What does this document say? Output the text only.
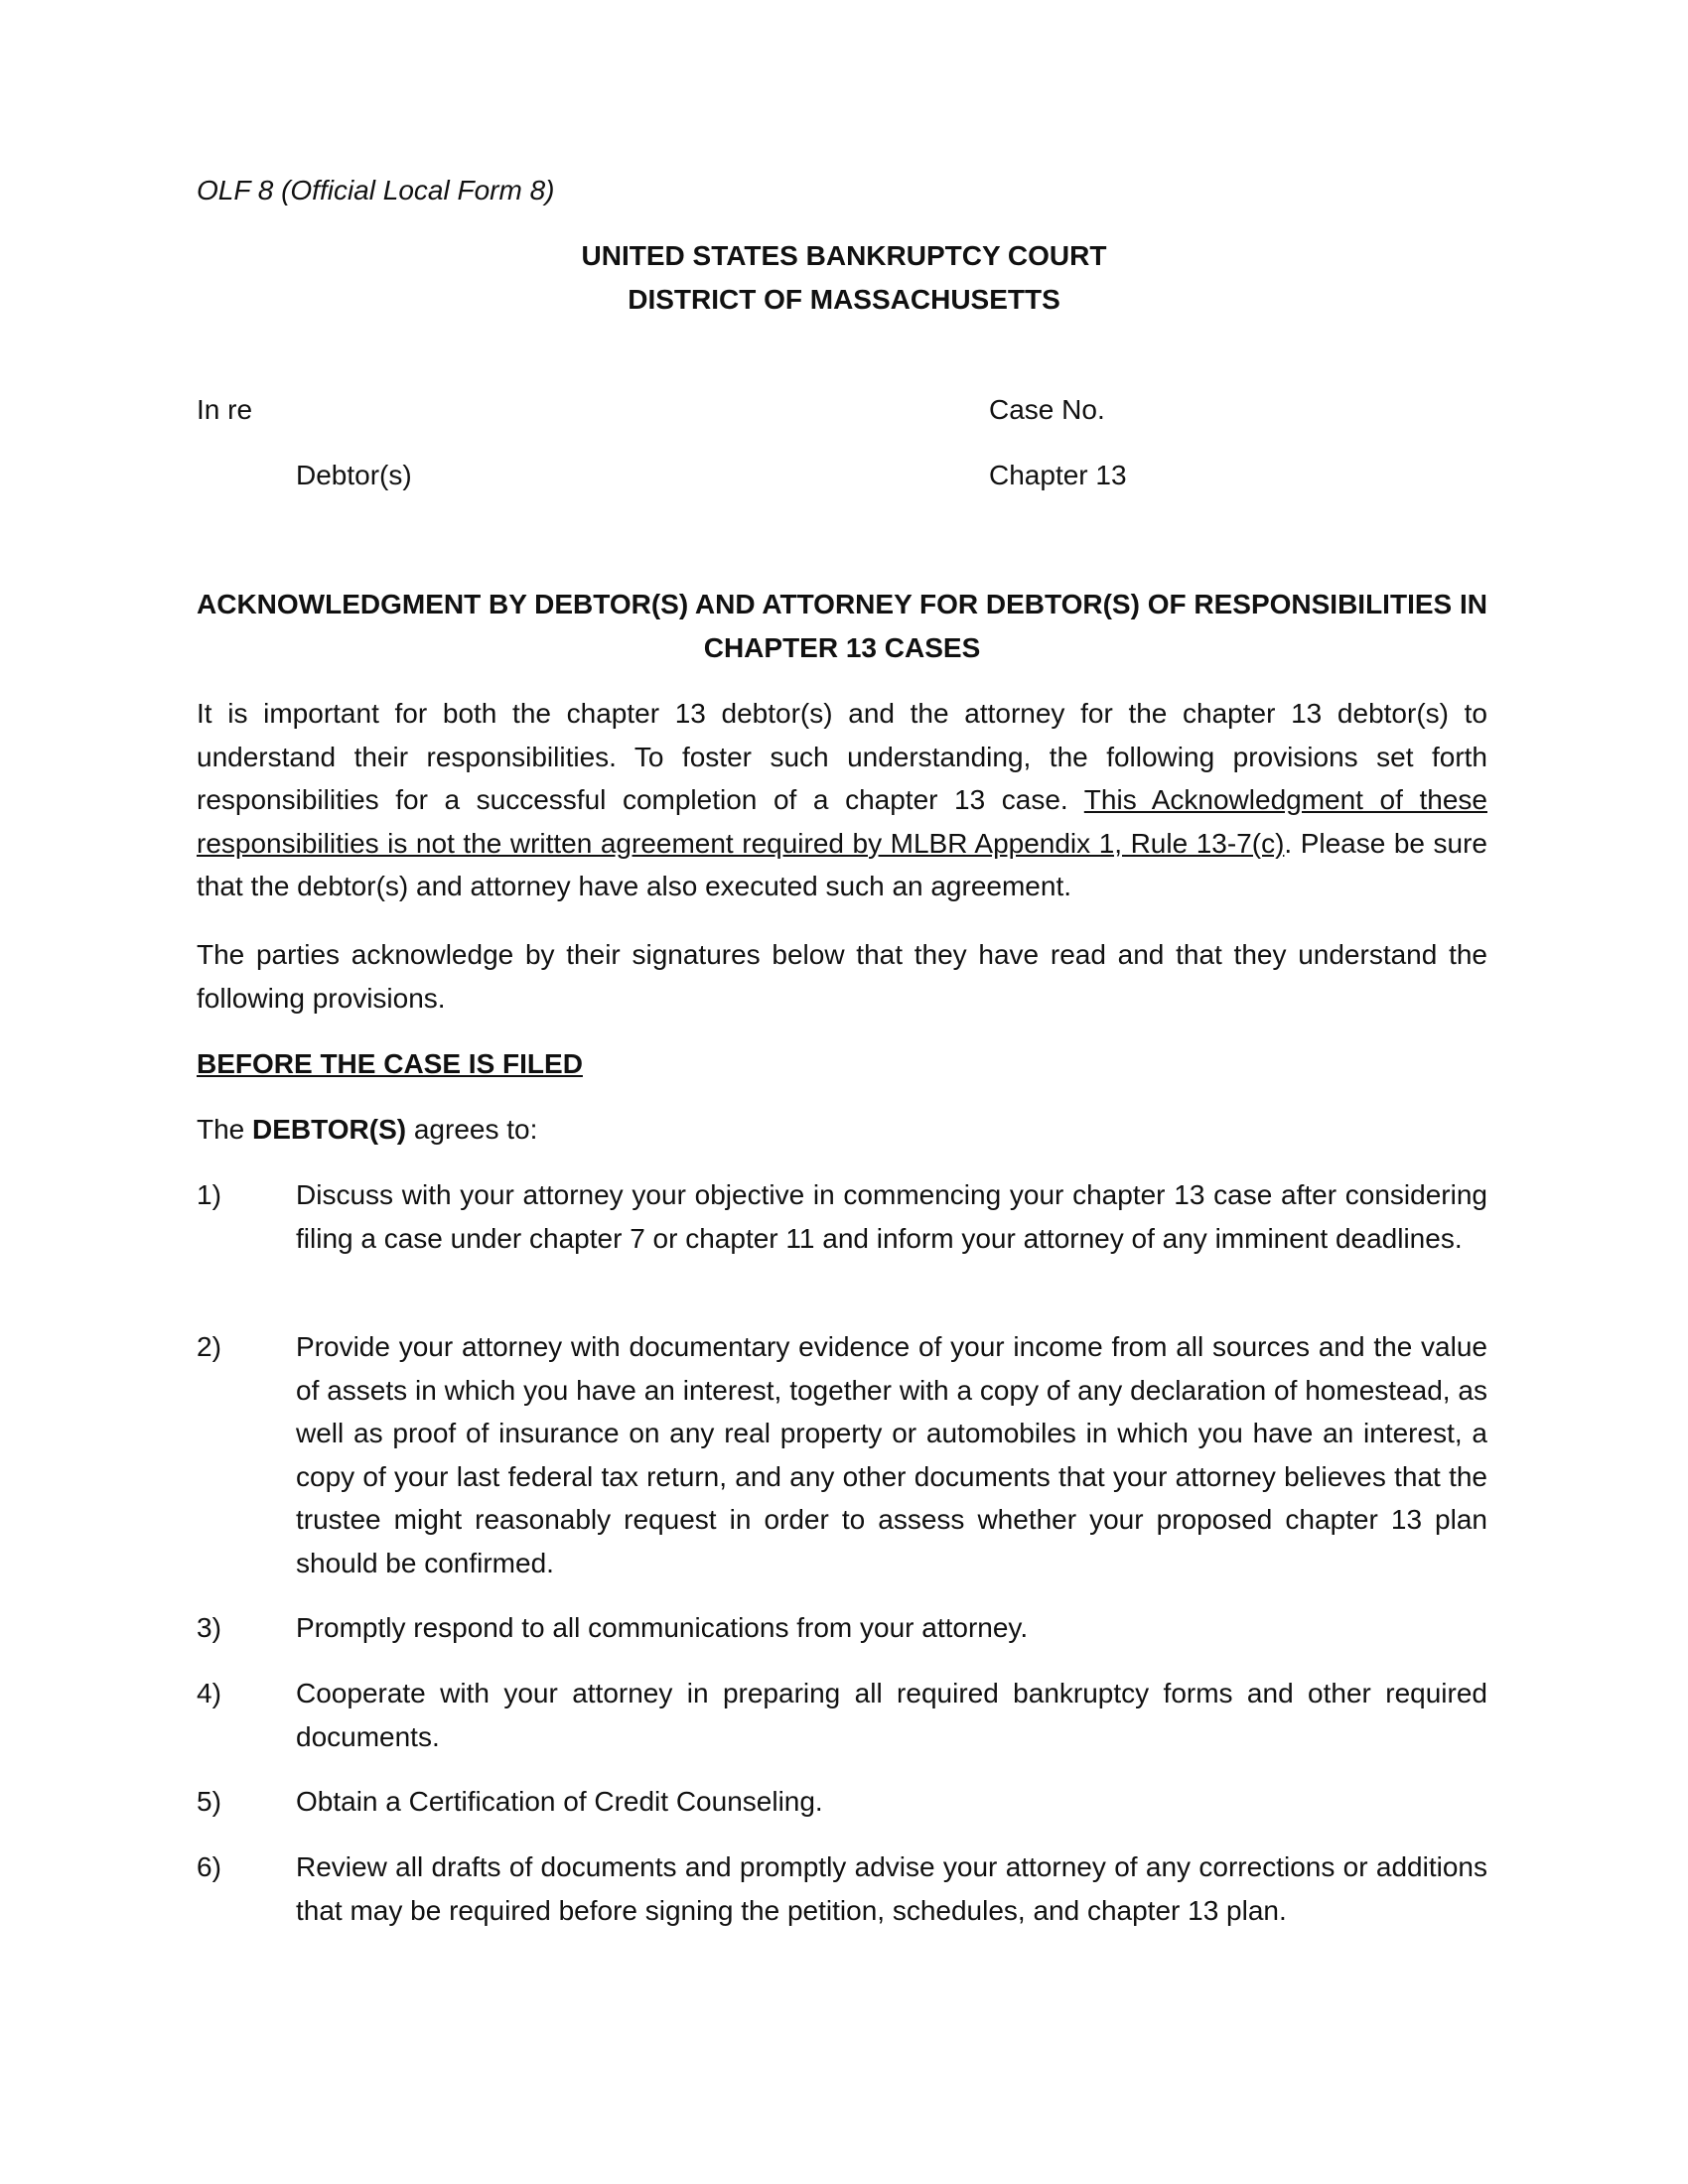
OLF 8 (Official Local Form 8)

UNITED STATES BANKRUPTCY COURT
DISTRICT OF MASSACHUSETTS

In re

Debtor(s)

Case No.

Chapter 13

ACKNOWLEDGMENT BY DEBTOR(S) AND ATTORNEY FOR DEBTOR(S) OF RESPONSIBILITIES IN
CHAPTER 13 CASES

It is important for both the chapter 13 debtor(s) and the attorney for the chapter 13 debtor(s) to understand their responsibilities. To foster such understanding, the following provisions set forth responsibilities for a successful completion of a chapter 13 case. This Acknowledgment of these responsibilities is not the written agreement required by MLBR Appendix 1, Rule 13-7(c). Please be sure that the debtor(s) and attorney have also executed such an agreement.

The parties acknowledge by their signatures below that they have read and that they understand the following provisions.

BEFORE THE CASE IS FILED

The DEBTOR(S) agrees to:

1)	Discuss with your attorney your objective in commencing your chapter 13 case after considering filing a case under chapter 7 or chapter 11 and inform your attorney of any imminent deadlines.
2)	Provide your attorney with documentary evidence of your income from all sources and the value of assets in which you have an interest, together with a copy of any declaration of homestead, as well as proof of insurance on any real property or automobiles in which you have an interest, a copy of your last federal tax return, and any other documents that your attorney believes that the trustee might reasonably request in order to assess whether your proposed chapter 13 plan should be confirmed.
3)	Promptly respond to all communications from your attorney.
4)	Cooperate with your attorney in preparing all required bankruptcy forms and other required documents.
5)	Obtain a Certification of Credit Counseling.
6)	Review all drafts of documents and promptly advise your attorney of any corrections or additions that may be required before signing the petition, schedules, and chapter 13 plan.
